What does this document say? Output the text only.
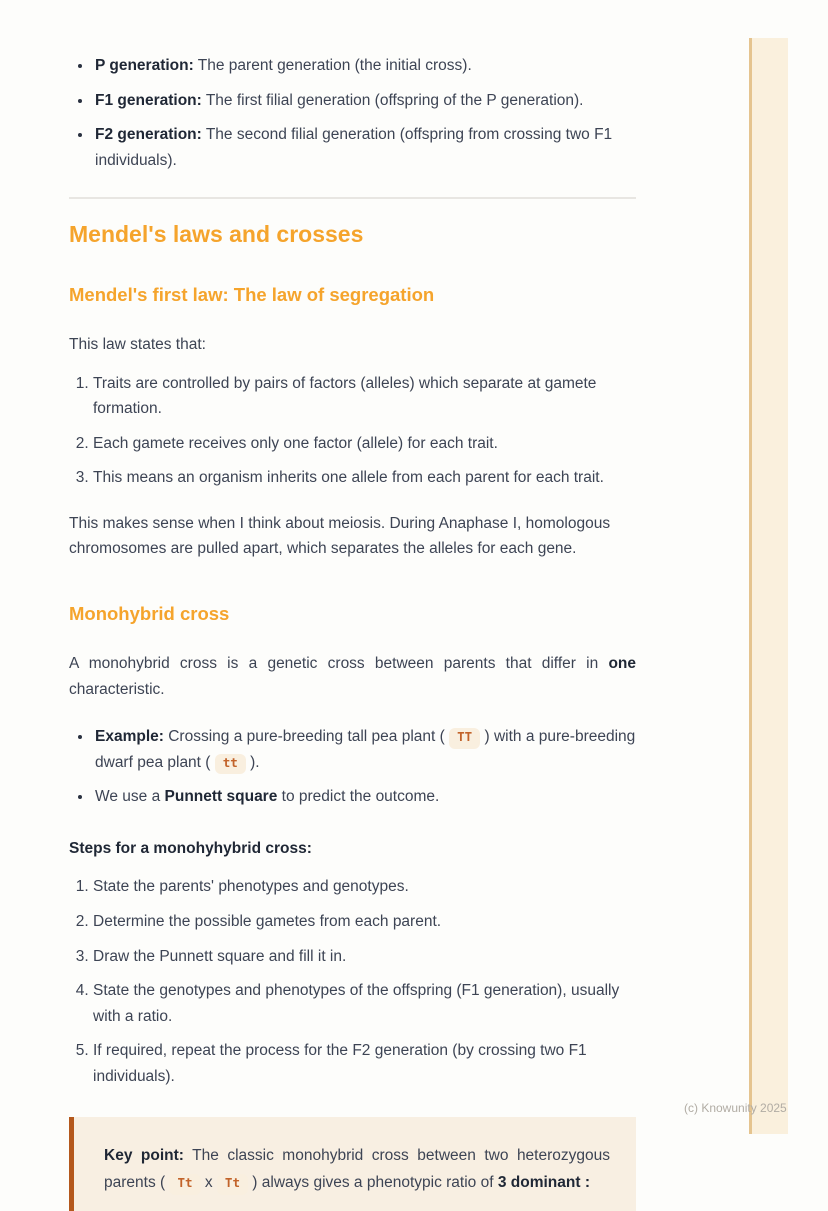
• P generation: The parent generation (the initial cross).
• F1 generation: The first filial generation (offspring of the P generation).
• F2 generation: The second filial generation (offspring from crossing two F1 individuals).
Mendel's laws and crosses
Mendel's first law: The law of segregation

This law states that:

1. Traits are controlled by pairs of factors (alleles) which separate at gamete formation.
2. Each gamete receives only one factor (allele) for each trait.
3. This means an organism inherits one allele from each parent for each trait.

This makes sense when I think about meiosis. During Anaphase I, homologous chromosomes are pulled apart, which separates the alleles for each gene.

Monohybrid cross

A monohybrid cross is a genetic cross between parents that differ in one characteristic.

• Example: Crossing a pure-breeding tall pea plant ( TT ) with a pure-breeding dwarf pea plant ( tt ).
• We use a Punnett square to predict the outcome.

Steps for a monohyhybrid cross:

1. State the parents' phenotypes and genotypes.
2. Determine the possible gametes from each parent.
3. Draw the Punnett square and fill it in.
4. State the genotypes and phenotypes of the offspring (F1 generation), usually with a ratio.
5. If required, repeat the process for the F2 generation (by crossing two F1 individuals).
Key point: The classic monohybrid cross between two heterozygous parents ( Tt x Tt ) always gives a phenotypic ratio of 3 dominant :
(c) Knowunity 2025
